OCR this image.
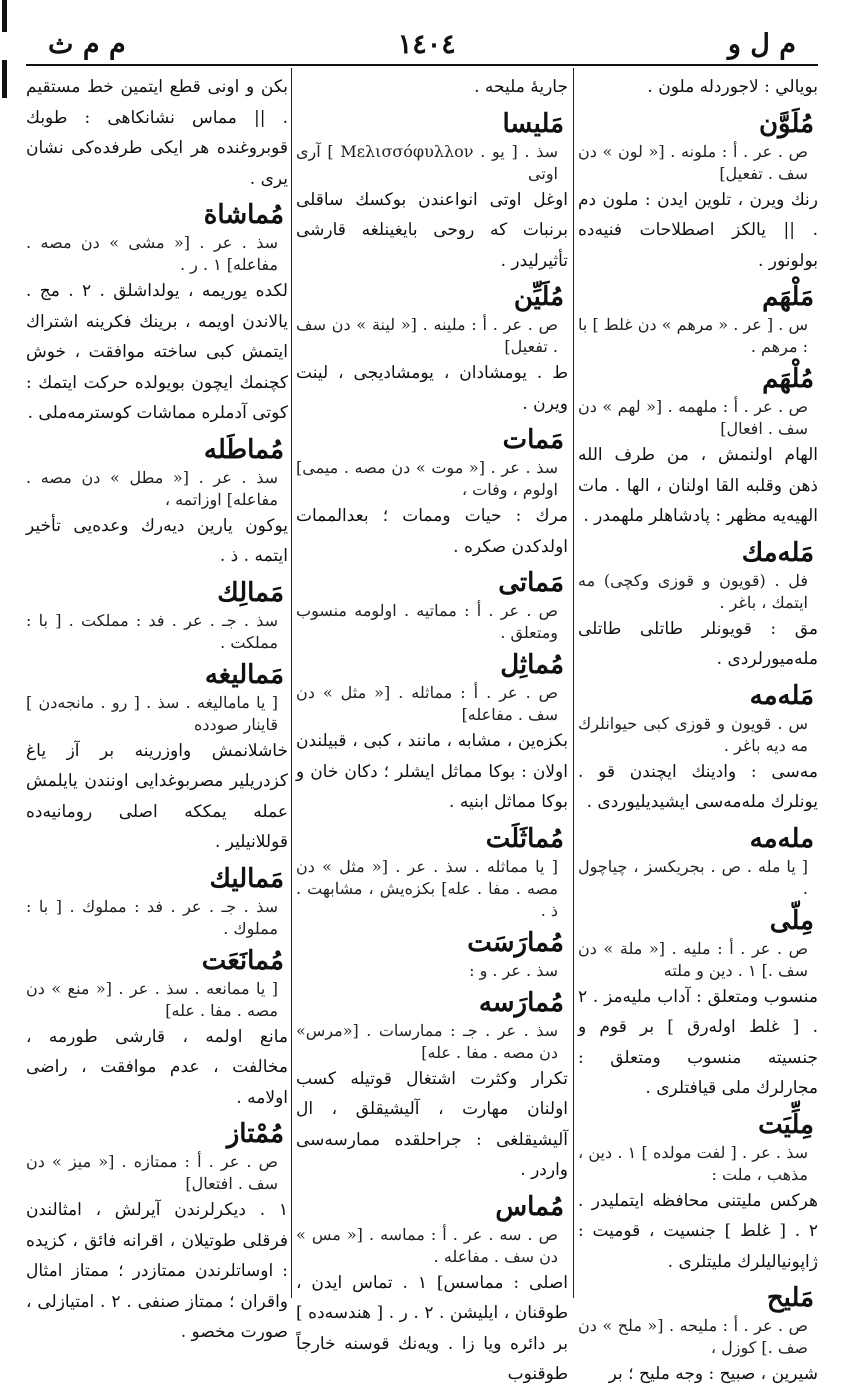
م ل و
١٤٠٤
م م ث
بويالي : لاجوردله ملون .
مُلَوَّن
ص . عر . أ : ملونه . [« لون » دن سف . تفعيل]
رنك ويرن ، تلوين ايدن : ملون دم . || يالكز اصطلاحات فنيه‌ده بولونور .
مَلْهَم
س . [ عر . « مرهم » دن غلط ] با : مرهم .
مُلْهَم
ص . عر . أ : ملهمه . [« لهم » دن سف . افعال]
الهام اولنمش ، من طرف الله ذهن وقلبه القا اولنان ، الها . مات الهيه‌یه مظهر : پادشاهلر ملهمدر .
مَله‌مك
فل . (قويون و قوزى وكچى) مه ایتمك ، باغر .
مق : قويونلر طاتلى طاتلى مله‌ميورلردى .
مَله‌مه
س . قويون و قوزى كبى حيوانلرك مه ديه باغر .
مه‌سى : وادينك ایچندن قو . يونلرك مله‌مه‌سی ايشيديليوردى .
مله‌مه
[ يا مله . ص . بجريكسز ، چياچول .
مِلّى
ص . عر . أ : مليه . [« ملة » دن سف .] ١ . دين و ملته
منسوب ومتعلق : آداب مليه‌مز . ٢ . [ غلط اولەرق ] بر قوم و جنسيته منسوب ومتعلق : مجارلرك ملى قيافتلرى .
مِلِّيَت
سذ . عر . [ لفت مولده ] ١ . دين ، مذهب ، ملت :
هركس مليتنى محافظه ایتملیدر . ٢ . [ غلط ] جنسيت ، قوميت : ژاپونيالیلرك مليتلرى .
مَليح
ص . عر . أ : مليحه . [« ملح » دن صف .] كوزل ،
شيرين ، صبيح : وجه مليح ؛ بر
جاريهٔ مليحه .
مَليسا
سذ . [ يو . Μελισσόφυλλον ] آرى اوتى
اوغل اوتى انواعندن بوكسك ساقلى برنبات كه روحى بايغينلغه قارشى تأثيرليدر .
مُلَيِّن
ص . عر . أ : ملينه . [« لينة » دن سف . تفعيل]
ط . يومشادان ، يومشاديجى ، لينت ويرن .
مَمات
سذ . عر . [« موت » دن مصه . ميمى] اولوم ، وفات ،
مرك : حيات وممات ؛ بعدالممات اولدكدن صكره .
مَماتى
ص . عر . أ : مماتيه . اولومه منسوب ومتعلق .
مُماثِل
ص . عر . أ : مماثله . [« مثل » دن سف . مفاعله]
بكزەين ، مشابه ، مانند ، كبى ، قبيلندن اولان : بوكا مماثل ايشلر ؛ دكان خان و بوكا مماثل ابنيه .
مُماثَلَت
[ يا مماثله . سذ . عر . [« مثل » دن مصه . مفا . عله] بكزەيش ، مشابهت . ذ .
مُمارَسَت
سذ . عر . و :
مُمارَسه
سذ . عر . جـ : ممارسات . [«مرس» دن مصه . مفا . عله]
تكرار وكثرت اشتغال قوتيله كسب اولنان مهارت ، آليشيقلق ، ال آليشيقلغى : جراحلقده ممارسه‌سى واردر .
مُماس
ص . سه . عر . أ : مماسه . [« مس » دن سف . مفاعله .
اصلى : مماسس] ١ . تماس ايدن ، طوقنان ، ايليشن . ٢ . ر . [ هندسه‌ده ] بر دائره ويا زا . ويه‌نك قوسنه خارجاً طوقنوب
بكن و اونى قطع ایتمين خط مستقيم . || مماس نشانكاهى : طوبك قوبروغنده هر ايكى طرفده‌كى نشان يرى .
مُماشاة
سذ . عر . [« مشى » دن مصه . مفاعله] ١ . ر .
لكده يوريمه ، يولداشلق . ٢ . مج . يالاندن اويمه ، برينك فكرينه اشتراك ایتمش كبى ساخته موافقت ، خوش كچنمك ايچون بويولده حركت ايتمك : كوتى آدملره مماشات كوسترمه‌ملى .
مُماطَله
سذ . عر . [« مطل » دن مصه . مفاعله] اوزاتمه ،
يوكون يارين ديه‌رك وعده‌يى تأخير ایتمه . ذ .
مَمالِك
سذ . جـ . عر . فد : مملكت . [ با : مملكت .
مَماليغه
[ يا ماماليغه . سذ . [ رو . مانجه‌دن ] قاينار صودده
خاشلانمش واوزرينه بر آز ياغ كزدريلير مصربوغدايى اونندن يايلمش عمله يمككه اصلى رومانيه‌ده قوللانيلير .
مَماليك
سذ . جـ . عر . فد : مملوك . [ با : مملوك .
مُمانَعَت
[ يا ممانعه . سذ . عر . [« منع » دن مصه . مفا . عله]
مانع اولمه ، قارشى طورمه ، مخالفت ، عدم موافقت ، راضى اولامه .
مُمْتاز
ص . عر . أ : ممتازه . [« ميز » دن سف . افتعال]
١ . ديكرلرندن آيرلش ، امثالندن فرقلى طوتيلان ، اقرانه فائق ، كزيده : اوساتلرندن ممتازدر ؛ ممتاز امثال واقران ؛ ممتاز صنفى . ٢ . امتيازلى ، صورت مخصو .
